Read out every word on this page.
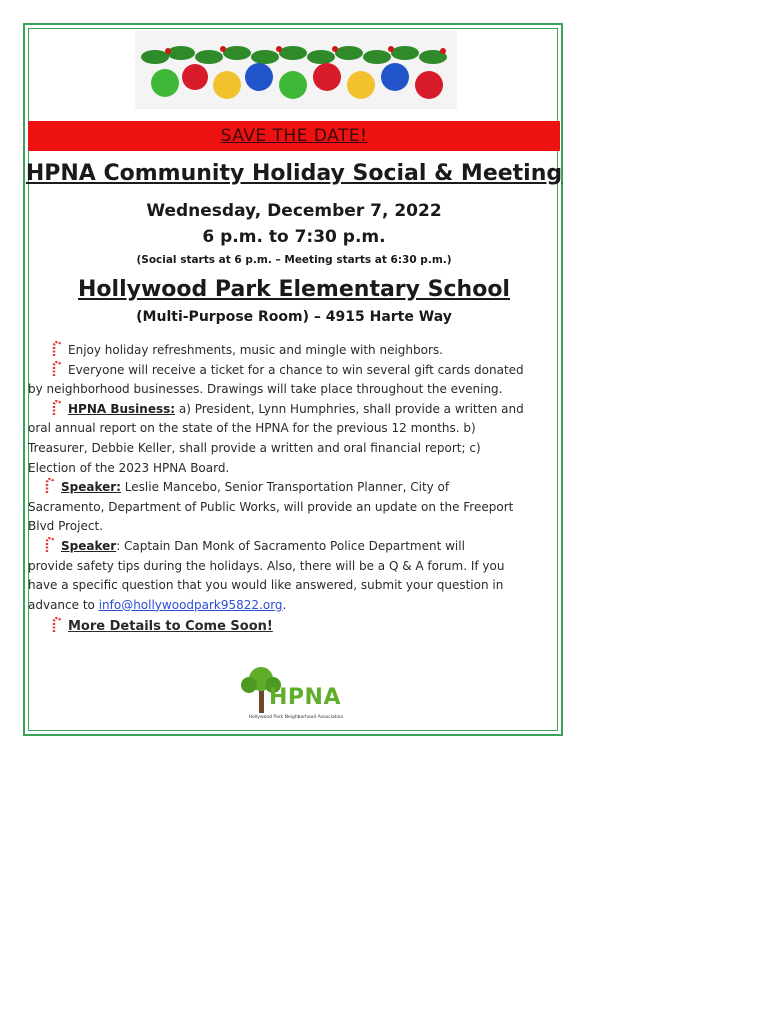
SAVE THE DATE!
HPNA Community Holiday Social & Meeting
Wednesday, December 7, 2022
6 p.m. to 7:30 p.m.
(Social starts at 6 p.m. – Meeting starts at 6:30 p.m.)
Hollywood Park Elementary School
(Multi-Purpose Room) – 4915 Harte Way

Enjoy holiday refreshments, music and mingle with neighbors.

Everyone will receive a ticket for a chance to win several gift cards donated

by neighborhood businesses. Drawings will take place throughout the evening.

HPNA Business: a) President, Lynn Humphries, shall provide a written and

oral annual report on the state of the HPNA for the previous 12 months. b)

Treasurer, Debbie Keller, shall provide a written and oral financial report; c)

Election of the 2023 HPNA Board.

Speaker: Leslie Mancebo, Senior Transportation Planner, City of

Sacramento, Department of Public Works, will provide an update on the Freeport

Blvd Project.

Speaker: Captain Dan Monk of Sacramento Police Department will

provide safety tips during the holidays. Also, there will be a Q & A forum. If you

have a specific question that you would like answered, submit your question in

advance to info@hollywoodpark95822.org.

More Details to Come Soon!

HPNA
Hollywood Park Neighborhood Association
